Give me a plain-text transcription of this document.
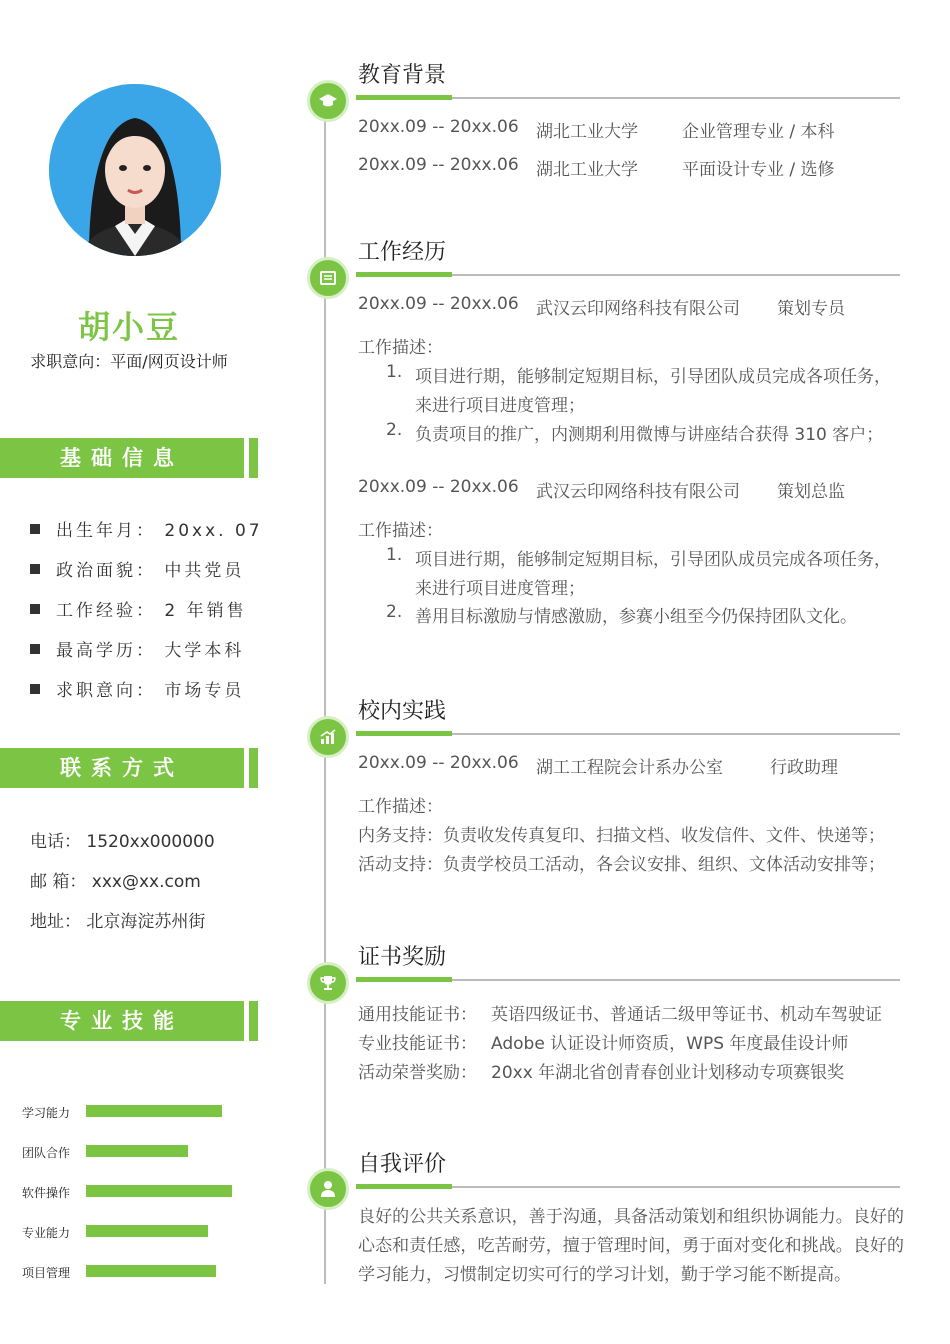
胡小豆
求职意向：平面/网页设计师
基础信息
出生年月： 20xx. 07
政治面貌： 中共党员
工作经验： 2 年销售
最高学历： 大学本科
求职意向： 市场专员
联系方式
电话： 1520xx000000
邮 箱： xxx@xx.com
地址： 北京海淀苏州街
专业技能
学习能力
团队合作
软件操作
专业能力
项目管理
教育背景
20xx.09 -- 20xx.06 湖北工业大学	企业管理专业 / 本科
20xx.09 -- 20xx.06 湖北工业大学	平面设计专业 / 选修
工作经历
20xx.09 -- 20xx.06 武汉云印网络科技有限公司 策划专员
工作描述：
1. 项目进行期，能够制定短期目标，引导团队成员完成各项任务，
来进行项目进度管理；
2. 负责项目的推广，内测期利用微博与讲座结合获得 310 客户；
20xx.09 -- 20xx.06 武汉云印网络科技有限公司 策划总监
工作描述：
1. 项目进行期，能够制定短期目标，引导团队成员完成各项任务，
来进行项目进度管理；
2. 善用目标激励与情感激励，参赛小组至今仍保持团队文化。
校内实践
20xx.09 -- 20xx.06 湖工工程院会计系办公室	行政助理
工作描述：
内务支持：负责收发传真复印、扫描文档、收发信件、文件、快递等；
活动支持：负责学校员工活动，各会议安排、组织、文体活动安排等；
证书奖励
通用技能证书： 英语四级证书、普通话二级甲等证书、机动车驾驶证
专业技能证书： Adobe 认证设计师资质，WPS 年度最佳设计师
活动荣誉奖励： 20xx 年湖北省创青春创业计划移动专项赛银奖
自我评价
良好的公共关系意识，善于沟通，具备活动策划和组织协调能力。良好的心态和责任感，吃苦耐劳，擅于管理时间，勇于面对变化和挑战。良好的学习能力，习惯制定切实可行的学习计划，勤于学习能不断提高。
